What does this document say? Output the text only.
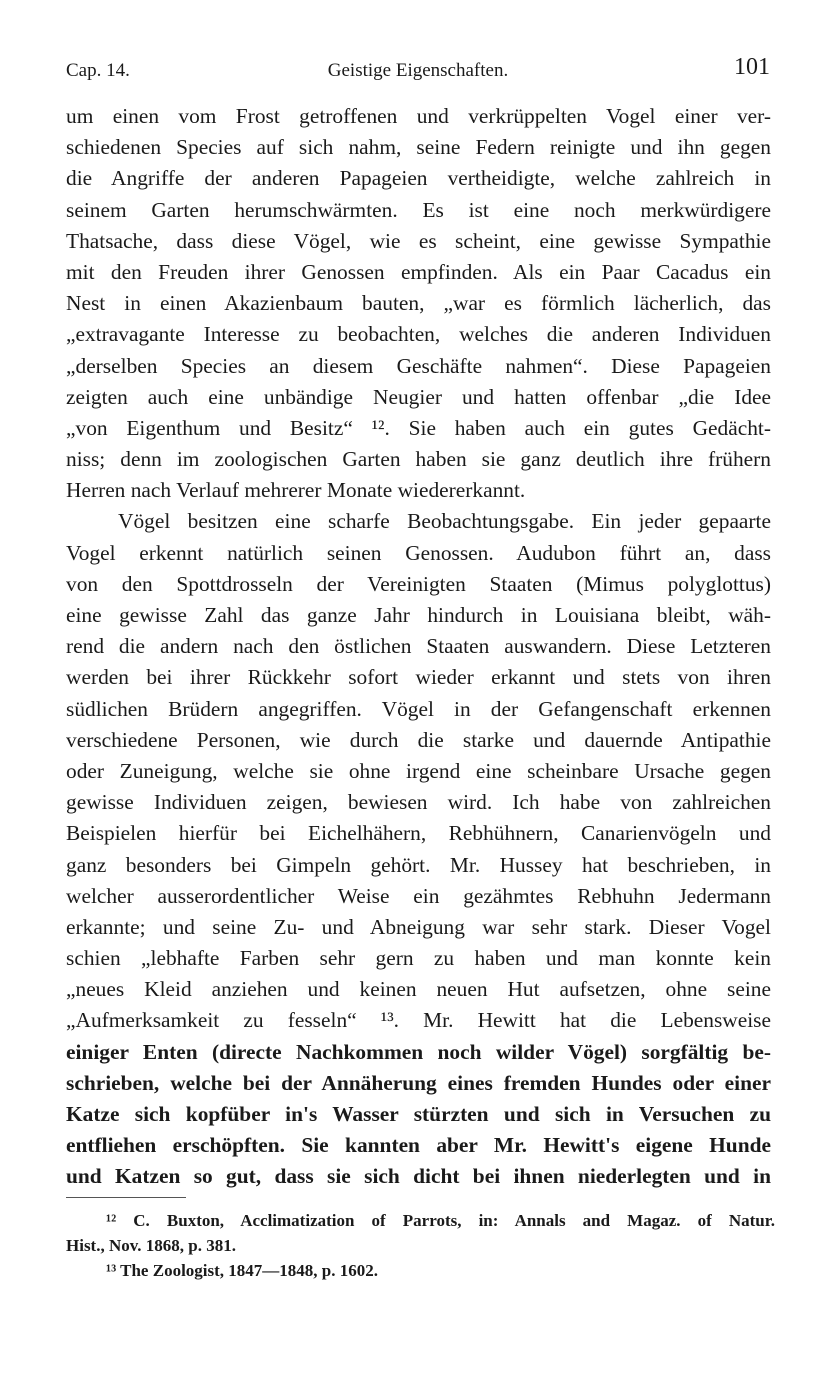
Cap. 14.	Geistige Eigenschaften.	101
um einen vom Frost getroffenen und verkrüppelten Vogel einer ver-
schiedenen Species auf sich nahm, seine Federn reinigte und ihn gegen
die Angriffe der anderen Papageien vertheidigte, welche zahlreich in
seinem Garten herumschwärmten. Es ist eine noch merkwürdigere
Thatsache, dass diese Vögel, wie es scheint, eine gewisse Sympathie
mit den Freuden ihrer Genossen empfinden. Als ein Paar Cacadus ein
Nest in einen Akazienbaum bauten, „war es förmlich lächerlich, das
„extravagante Interesse zu beobachten, welches die anderen Individuen
„derselben Species an diesem Geschäfte nahmen“. Diese Papageien
zeigten auch eine unbändige Neugier und hatten offenbar „die Idee
„von Eigenthum und Besitz“ ¹². Sie haben auch ein gutes Gedächt-
niss; denn im zoologischen Garten haben sie ganz deutlich ihre frühern
Herren nach Verlauf mehrerer Monate wiedererkannt.
Vögel besitzen eine scharfe Beobachtungsgabe. Ein jeder gepaarte
Vogel erkennt natürlich seinen Genossen. Audubon führt an, dass
von den Spottdrosseln der Vereinigten Staaten (Mimus polyglottus)
eine gewisse Zahl das ganze Jahr hindurch in Louisiana bleibt, wäh-
rend die andern nach den östlichen Staaten auswandern. Diese Letzteren
werden bei ihrer Rückkehr sofort wieder erkannt und stets von ihren
südlichen Brüdern angegriffen. Vögel in der Gefangenschaft erkennen
verschiedene Personen, wie durch die starke und dauernde Antipathie
oder Zuneigung, welche sie ohne irgend eine scheinbare Ursache gegen
gewisse Individuen zeigen, bewiesen wird. Ich habe von zahlreichen
Beispielen hierfür bei Eichelhähern, Rebhühnern, Canarienvögeln und
ganz besonders bei Gimpeln gehört. Mr. Hussey hat beschrieben, in
welcher ausserordentlicher Weise ein gezähmtes Rebhuhn Jedermann
erkannte; und seine Zu- und Abneigung war sehr stark. Dieser Vogel
schien „lebhafte Farben sehr gern zu haben und man konnte kein
„neues Kleid anziehen und keinen neuen Hut aufsetzen, ohne seine
„Aufmerksamkeit zu fesseln“ ¹³. Mr. Hewitt hat die Lebensweise
einiger Enten (directe Nachkommen noch wilder Vögel) sorgfältig be-
schrieben, welche bei der Annäherung eines fremden Hundes oder einer
Katze sich kopfüber in's Wasser stürzten und sich in Versuchen zu
entfliehen erschöpften. Sie kannten aber Mr. Hewitt's eigene Hunde
und Katzen so gut, dass sie sich dicht bei ihnen niederlegten und in
¹² C. Buxton, Acclimatization of Parrots, in: Annals and Magaz. of Natur.
Hist., Nov. 1868, p. 381.
¹³ The Zoologist, 1847—1848, p. 1602.
